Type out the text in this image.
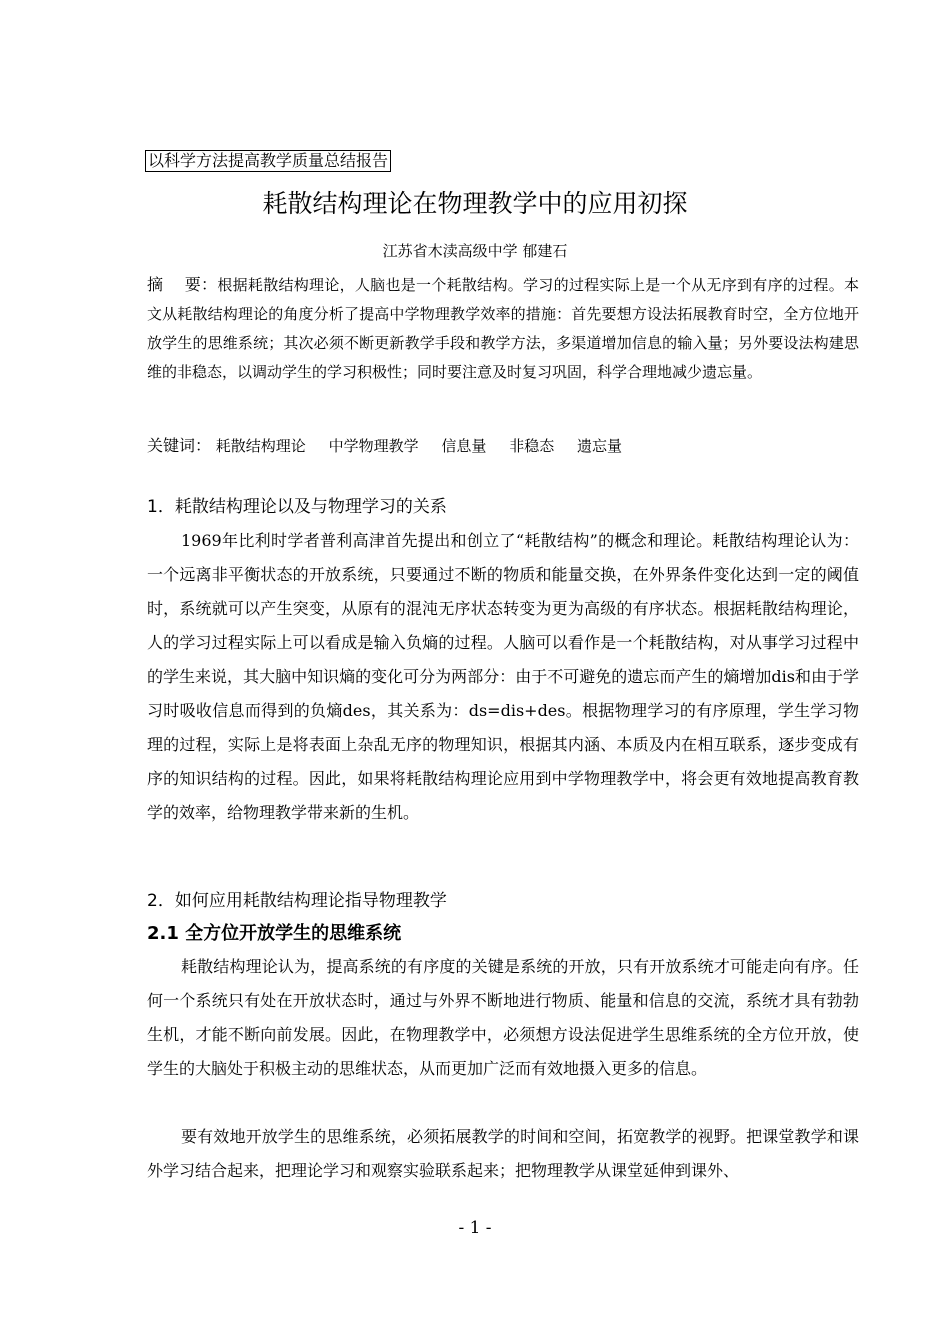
以科学方法提高教学质量总结报告
耗散结构理论在物理教学中的应用初探
江苏省木渎高级中学 郁建石
摘    要：根据耗散结构理论，人脑也是一个耗散结构。学习的过程实际上是一个从无序到有序的过程。本文从耗散结构理论的角度分析了提高中学物理教学效率的措施：首先要想方设法拓展教育时空，全方位地开放学生的思维系统；其次必须不断更新教学手段和教学方法，多渠道增加信息的输入量；另外要设法构建思维的非稳态，以调动学生的学习积极性；同时要注意及时复习巩固，科学合理地减少遗忘量。
关键词： 耗散结构理论 中学物理教学 信息量 非稳态 遗忘量
1．耗散结构理论以及与物理学习的关系

1969年比利时学者普利高津首先提出和创立了“耗散结构”的概念和理论。耗散结构理论认为：一个远离非平衡状态的开放系统，只要通过不断的物质和能量交换，在外界条件变化达到一定的阈值时，系统就可以产生突变，从原有的混沌无序状态转变为更为高级的有序状态。根据耗散结构理论，人的学习过程实际上可以看成是输入负熵的过程。人脑可以看作是一个耗散结构，对从事学习过程中的学生来说，其大脑中知识熵的变化可分为两部分：由于不可避免的遗忘而产生的熵增加dis和由于学习时吸收信息而得到的负熵des，其关系为：ds=dis+des。根据物理学习的有序原理，学生学习物理的过程，实际上是将表面上杂乱无序的物理知识，根据其内涵、本质及内在相互联系，逐步变成有序的知识结构的过程。因此，如果将耗散结构理论应用到中学物理教学中，将会更有效地提高教育教学的效率，给物理教学带来新的生机。

2．如何应用耗散结构理论指导物理教学
2.1 全方位开放学生的思维系统

耗散结构理论认为，提高系统的有序度的关键是系统的开放，只有开放系统才可能走向有序。任何一个系统只有处在开放状态时，通过与外界不断地进行物质、能量和信息的交流，系统才具有勃勃生机，才能不断向前发展。因此，在物理教学中，必须想方设法促进学生思维系统的全方位开放，使学生的大脑处于积极主动的思维状态，从而更加广泛而有效地摄入更多的信息。

要有效地开放学生的思维系统，必须拓展教学的时间和空间，拓宽教学的视野。把课堂教学和课外学习结合起来，把理论学习和观察实验联系起来；把物理教学从课堂延伸到课外、

- 1 -
